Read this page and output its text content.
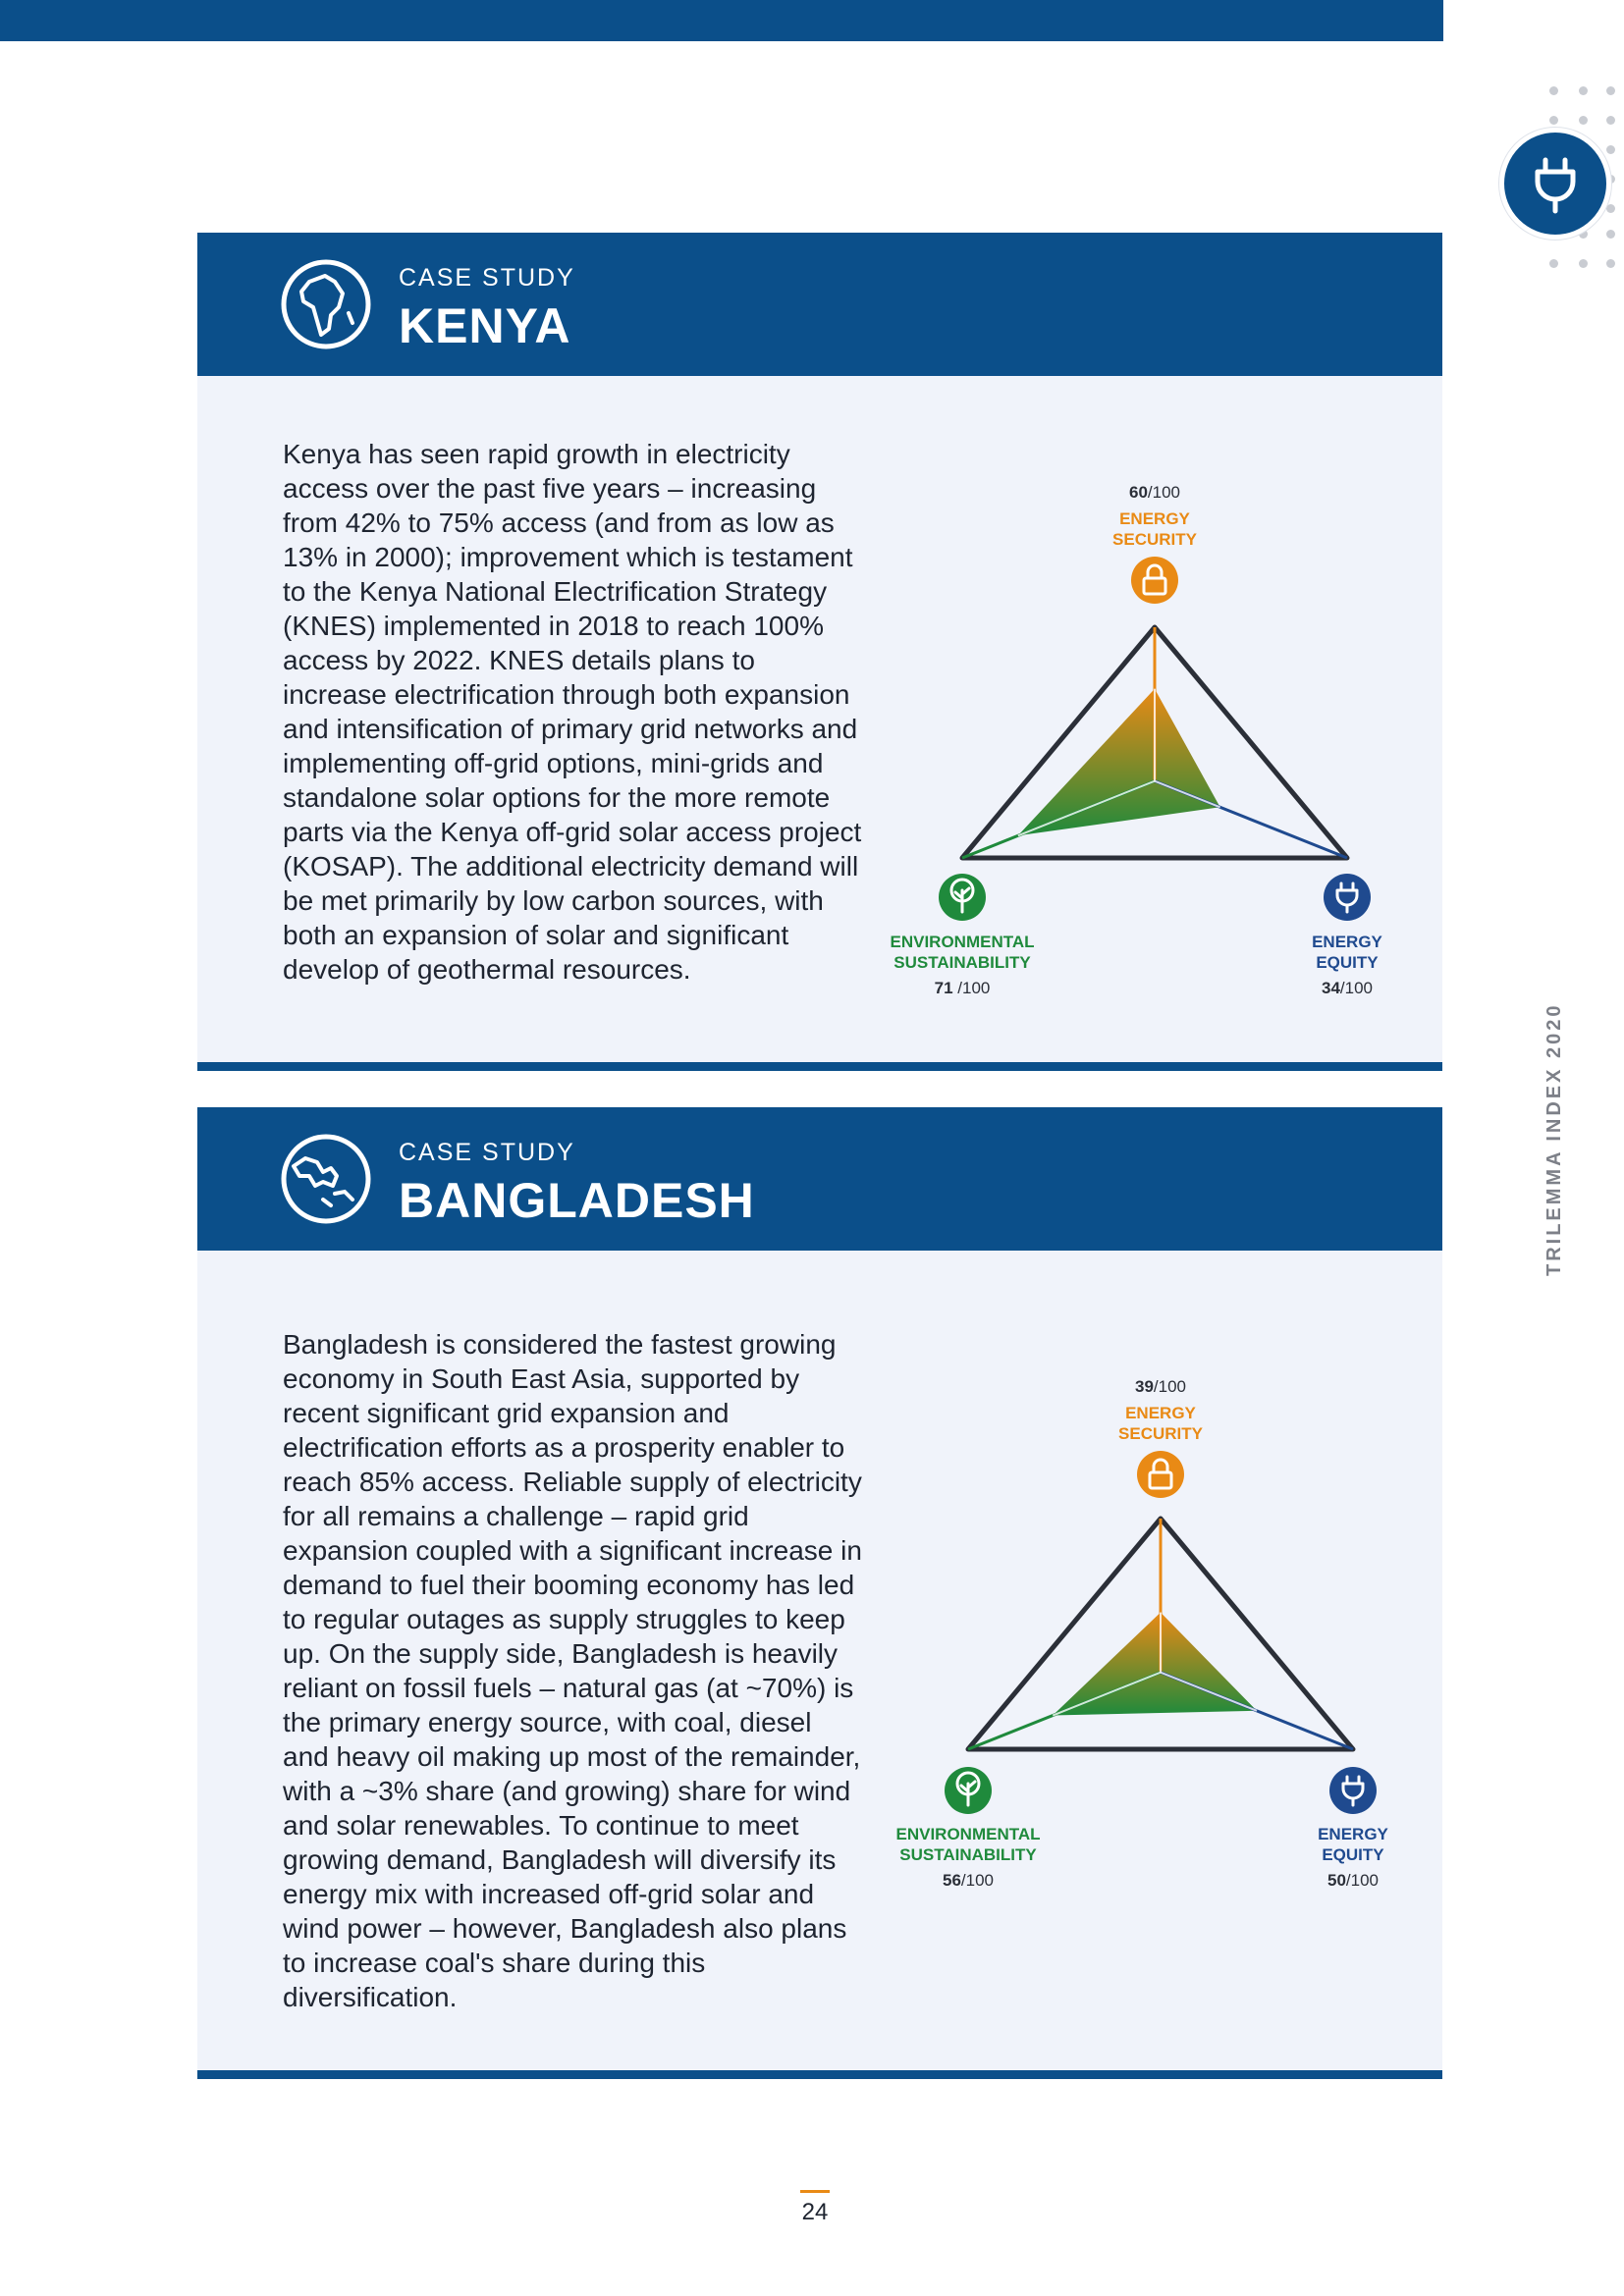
TRILEMMA INDEX 2020
CASE STUDY
KENYA
Kenya has seen rapid growth in electricity access over the past five years – increasing from 42% to 75% access (and from as low as 13% in 2000); improvement which is testament to the Kenya National Electrification Strategy (KNES) implemented in 2018 to reach 100% access by 2022. KNES details plans to increase electrification through both expansion and intensification of primary grid networks and implementing off-grid options, mini-grids and standalone solar options for the more remote parts via the Kenya off-grid solar access project (KOSAP). The additional electricity demand will be met primarily by low carbon sources, with both an expansion of solar and significant develop of geothermal resources.
60/100
ENERGY
SECURITY
ENVIRONMENTAL
SUSTAINABILITY
71 /100
ENERGY
EQUITY
34/100
CASE STUDY
BANGLADESH
Bangladesh is considered the fastest growing economy in South East Asia, supported by recent significant grid expansion and electrification efforts as a prosperity enabler to reach 85% access. Reliable supply of electricity for all remains a challenge – rapid grid expansion coupled with a significant increase in demand to fuel their booming economy has led to regular outages as supply struggles to keep up. On the supply side, Bangladesh is heavily reliant on fossil fuels – natural gas (at ~70%) is the primary energy source, with coal, diesel and heavy oil making up most of the remainder, with a ~3% share (and growing) share for wind and solar renewables. To continue to meet growing demand, Bangladesh will diversify its energy mix with increased off-grid solar and wind power – however, Bangladesh also plans to increase coal's share during this diversification.
39/100
ENERGY
SECURITY
ENVIRONMENTAL
SUSTAINABILITY
56/100
ENERGY
EQUITY
50/100
24
